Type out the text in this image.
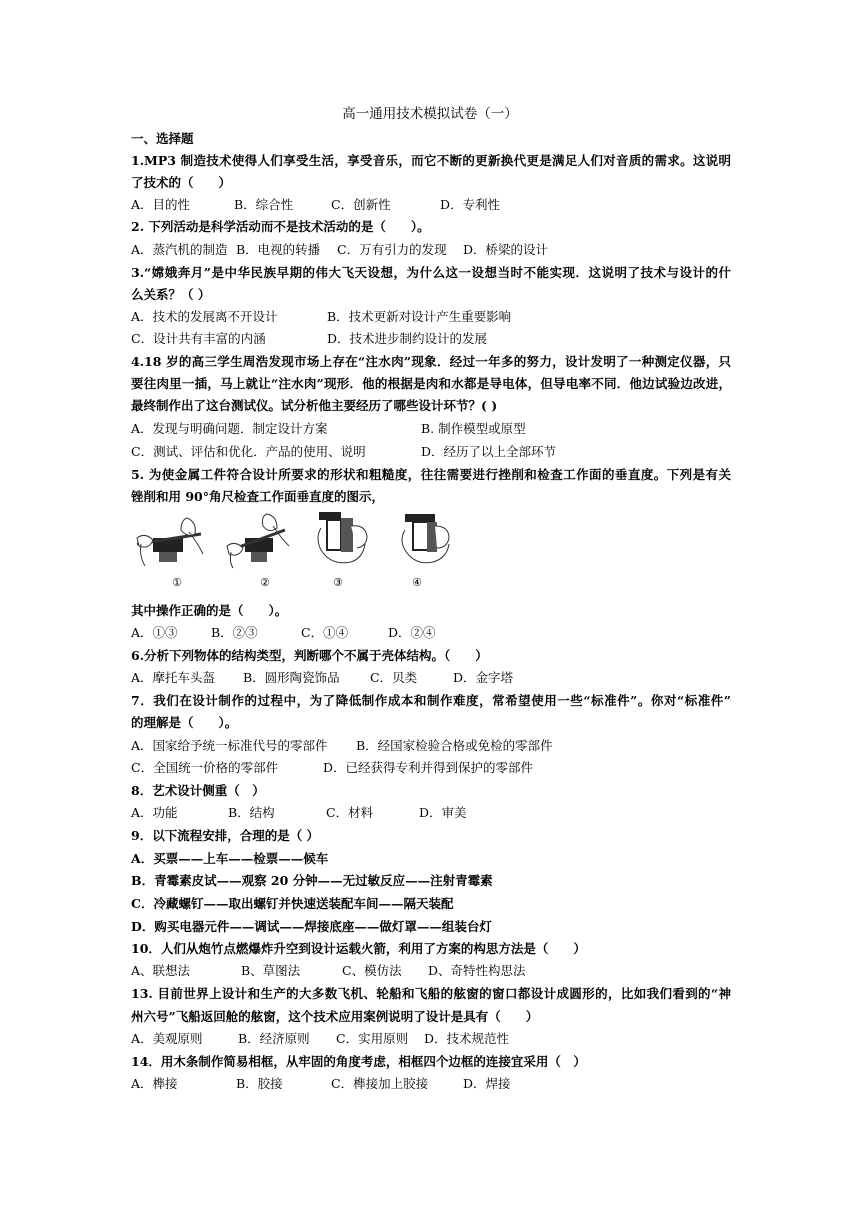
高一通用技术模拟试卷（一）
一、选择题
1.MP3 制造技术使得人们享受生活，享受音乐，而它不断的更新换代更是满足人们对音质的需求。这说明
了技术的（　　）
A．目的性	B．综合性	C．创新性	D．专利性
2. 下列活动是科学活动而不是技术活动的是（　　）。
A．蒸汽机的制造 B．电视的转播 C．万有引力的发现 D．桥梁的设计
3.“嫦娥奔月”是中华民族早期的伟大飞天设想，为什么这一设想当时不能实现．这说明了技术与设计的什
么关系？（ ）
A．技术的发展离不开设计	B．技术更新对设计产生重要影响
C．设计共有丰富的内涵	D．技术进步制约设计的发展
4.18 岁的高三学生周浩发现市场上存在“注水肉”现象．经过一年多的努力，设计发明了一种测定仪器，只
要往肉里一插，马上就让“注水肉”现形．他的根据是肉和水都是导电体，但导电率不同．他边试验边改进，
最终制作出了这台测试仪。试分析他主要经历了哪些设计环节？( )
A．发现与明确问题．制定设计方案	B. 制作模型或原型
C．测试、评估和优化．产品的使用、说明	D．经历了以上全部环节
5. 为使金属工件符合设计所要求的形状和粗糙度，往往需要进行挫削和检查工作面的垂直度。下列是有关
锉削和用 90°角尺检查工作面垂直度的图示，
①	②	③	④
其中操作正确的是（　　）。
A．①③	B．②③	C．①④	D．②④
6.分析下列物体的结构类型，判断哪个不属于壳体结构。（　　）
A．摩托车头盔 B．圆形陶瓷饰品 C．贝类	D．金字塔
7．我们在设计制作的过程中，为了降低制作成本和制作难度，常希望使用一些“标准件”。你对“标准件”
的理解是（　　）。
A．国家给予统一标准代号的零部件 B．经国家检验合格或免检的零部件
C．全国统一价格的零部件	D．已经获得专利并得到保护的零部件
8．艺术设计侧重（　）
A．功能	B．结构	C．材料	D．审美
9．以下流程安排，合理的是（ ）
A．买票——上车——检票——候车
B．青霉素皮试——观察 20 分钟——无过敏反应——注射青霉素
C．冷藏螺钉——取出螺钉并快速送装配车间——隔天装配
D．购买电器元件——调试——焊接底座——做灯罩——组装台灯
10．人们从炮竹点燃爆炸升空到设计运载火箭，利用了方案的构思方法是（　　）
A、联想法	B、草图法	C、模仿法 D、奇特性构思法
13. 目前世界上设计和生产的大多数飞机、轮船和飞船的舷窗的窗口都设计成圆形的，比如我们看到的“神
州六号”飞船返回舱的舷窗，这个技术应用案例说明了设计是具有（　　）
A．美观原则	B．经济原则 C．实用原则 D．技术规范性
14．用木条制作简易相框，从牢固的角度考虑，相框四个边框的连接宜采用（　）
A．榫接	B．胶接	C．榫接加上胶接	D．焊接
